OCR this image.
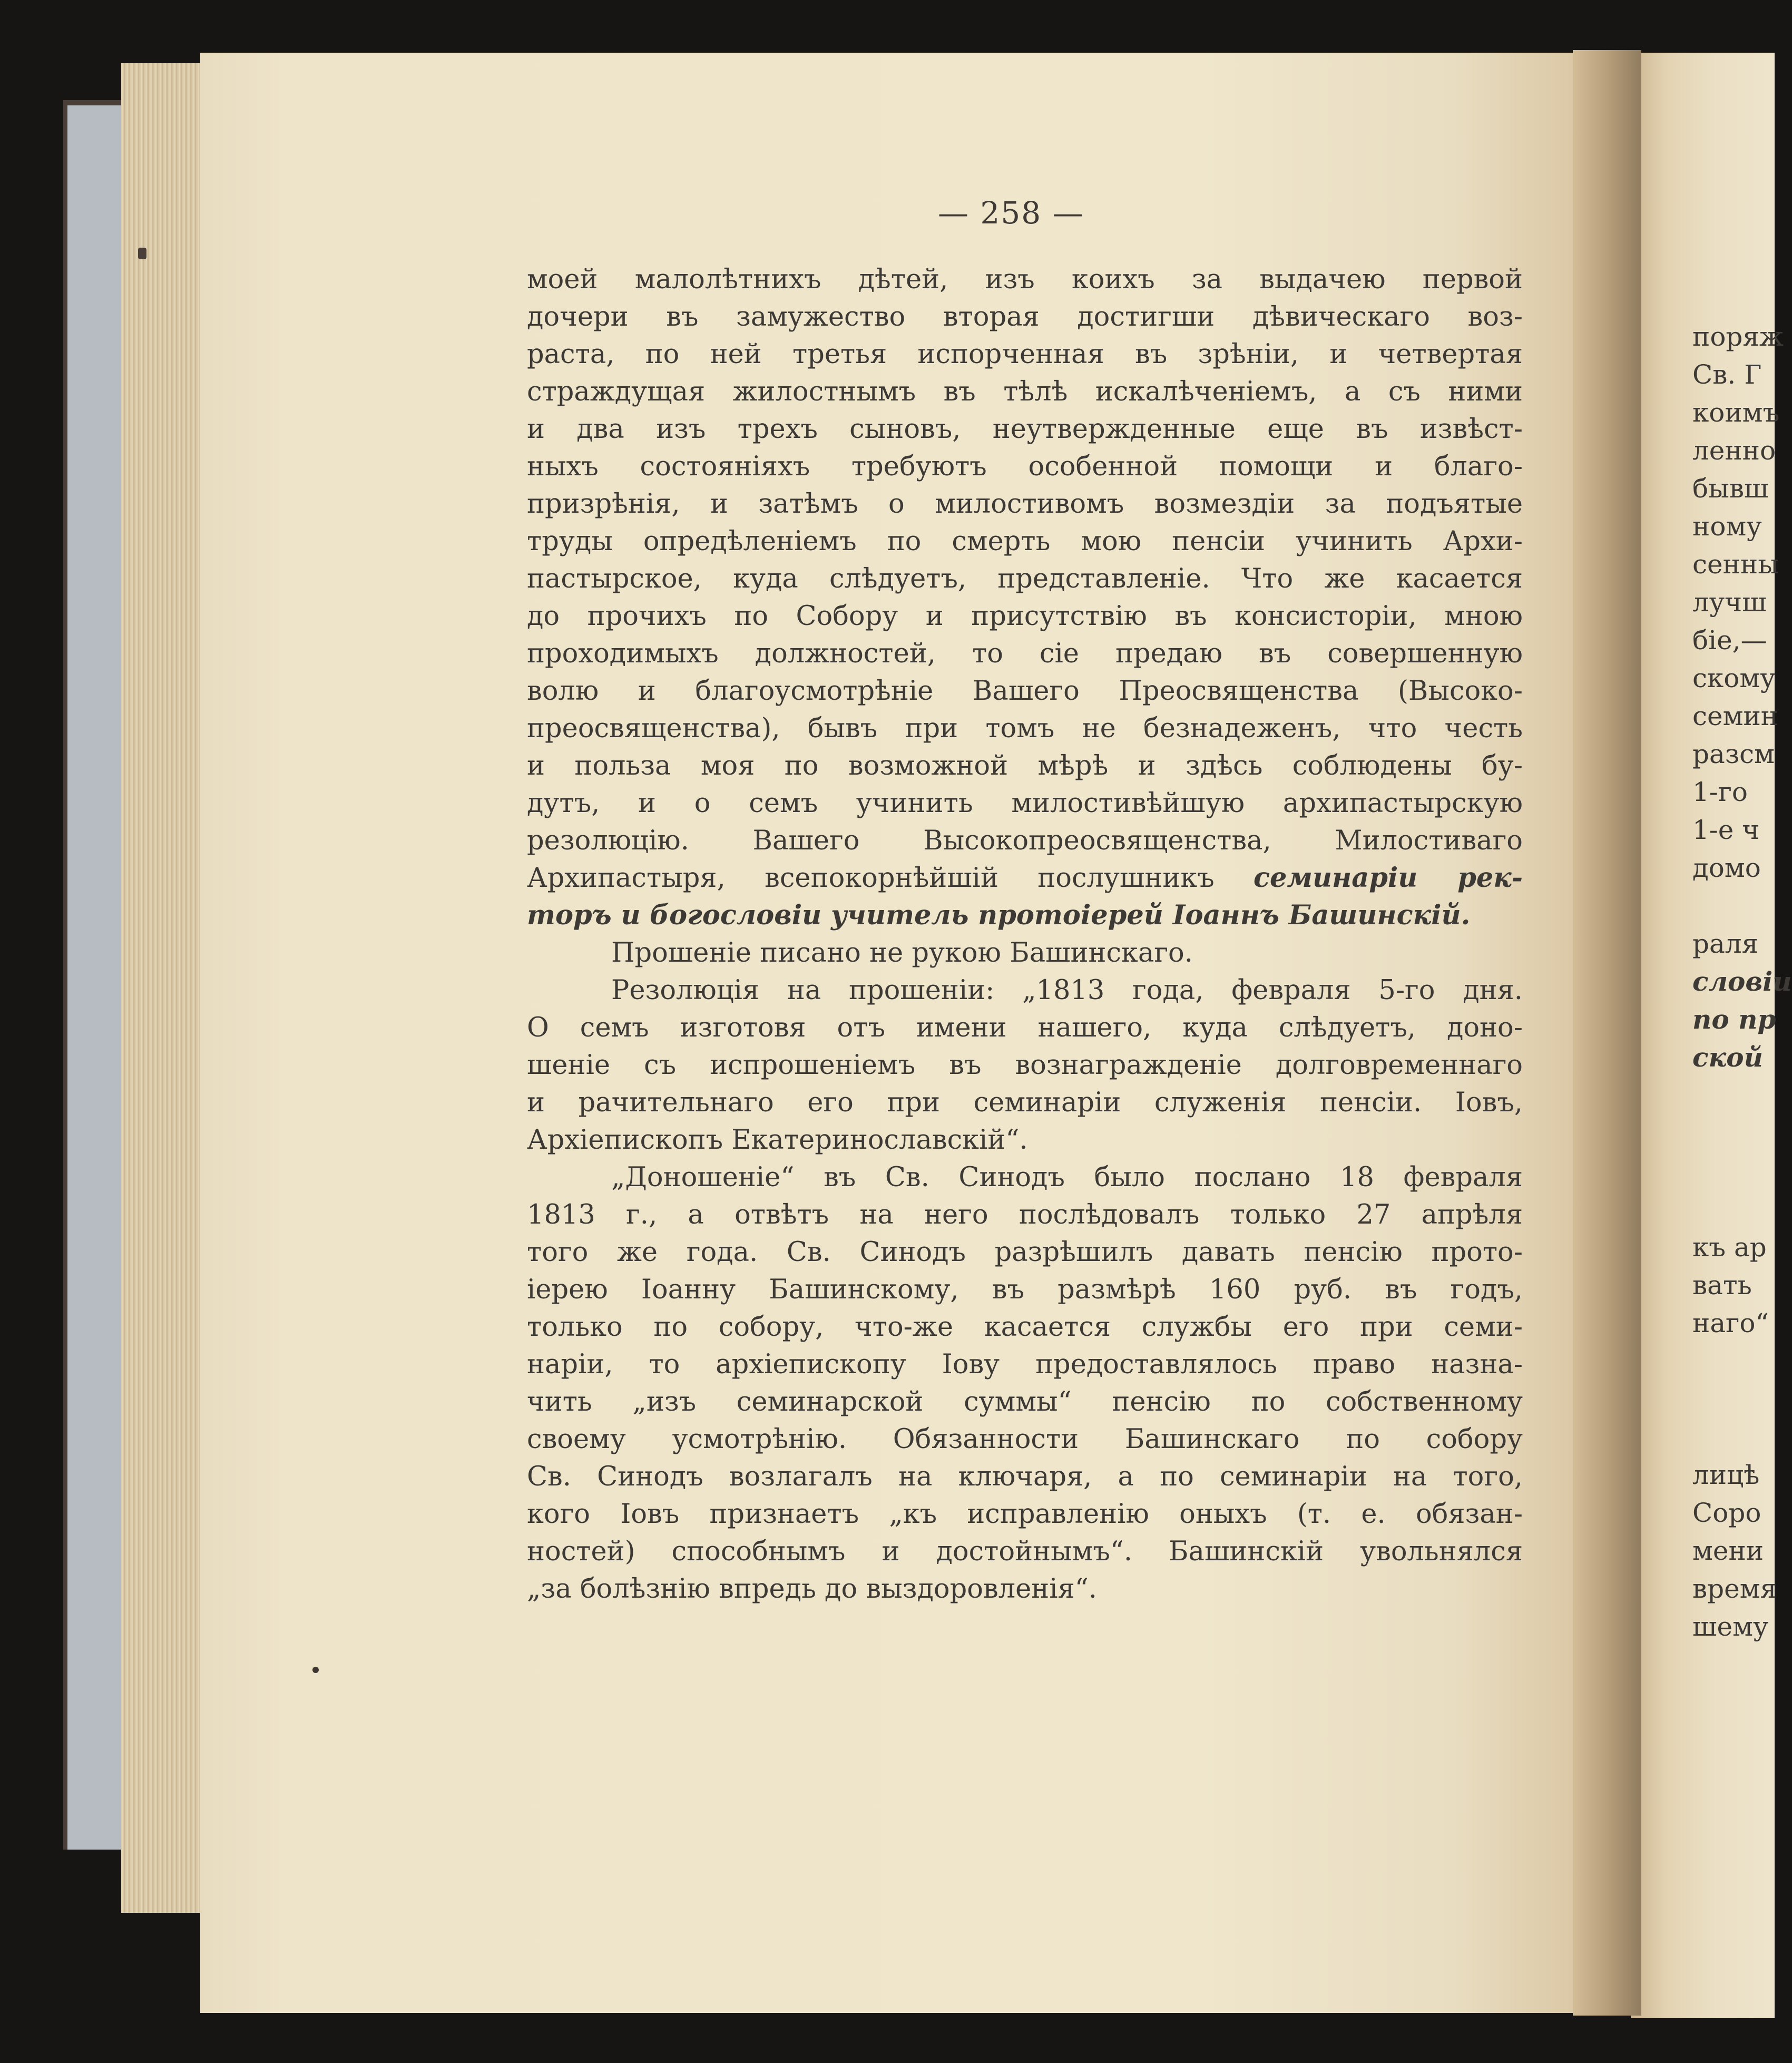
— 258 —
моей малолѣтнихъ дѣтей, изъ коихъ за выдачею первой
дочери въ замужество вторая достигши дѣвическаго воз-
раста, по ней третья испорченная въ зрѣніи, и четвертая
страждущая жилостнымъ въ тѣлѣ искалѣченіемъ, а съ ними
и два изъ трехъ сыновъ, неутвержденные еще въ извѣст-
ныхъ состояніяхъ требуютъ особенной помощи и благо-
призрѣнія, и затѣмъ о милостивомъ возмездіи за подъятые
труды опредѣленіемъ по смерть мою пенсіи учинить Архи-
пастырское, куда слѣдуетъ, представленіе. Что же касается
до прочихъ по Собору и присутствію въ консисторіи, мною
проходимыхъ должностей, то сіе предаю въ совершенную
волю и благоусмотрѣніе Вашего Преосвященства (Высоко-
преосвященства), бывъ при томъ не безнадеженъ, что честь
и польза моя по возможной мѣрѣ и здѣсь соблюдены бу-
дутъ, и о семъ учинить милостивѣйшую архипастырскую
резолюцію. Вашего Высокопреосвященства, Милостиваго
Архипастыря, всепокорнѣйшій послушникъ семинаріи рек-
торъ и богословіи учитель протоіерей Іоаннъ Башинскій.
Прошеніе писано не рукою Башинскаго.
Резолюція на прошеніи: „1813 года, февраля 5-го дня.
О семъ изготовя отъ имени нашего, куда слѣдуетъ, доно-
шеніе съ испрошеніемъ въ вознагражденіе долговременнаго
и рачительнаго его при семинаріи служенія пенсіи. Іовъ,
Архіепископъ Екатеринославскій“.
„Доношеніе“ въ Св. Синодъ было послано 18 февраля
1813 г., а отвѣтъ на него послѣдовалъ только 27 апрѣля
того же года. Св. Синодъ разрѣшилъ давать пенсію прото-
іерею Іоанну Башинскому, въ размѣрѣ 160 руб. въ годъ,
только по собору, что-же касается службы его при семи-
наріи, то архіепископу Іову предоставлялось право назна-
чить „изъ семинарской суммы“ пенсію по собственному
своему усмотрѣнію. Обязанности Башинскаго по собору
Св. Синодъ возлагалъ на ключаря, а по семинаріи на того,
кого Іовъ признаетъ „къ исправленію оныхъ (т. е. обязан-
ностей) способнымъ и достойнымъ“. Башинскій увольнялся
„за болѣзнію впредь до выздоровленія“.
поряж
Св. Г
коимъ
ленно
бывш
ному
сенны
лучш
біе,—
скому
семин
разсм
1-го
1-е ч
домо
раля
словіи
по пр
ской
къ ар
вать
наго“
лицѣ
Соро
мени
время
шему
